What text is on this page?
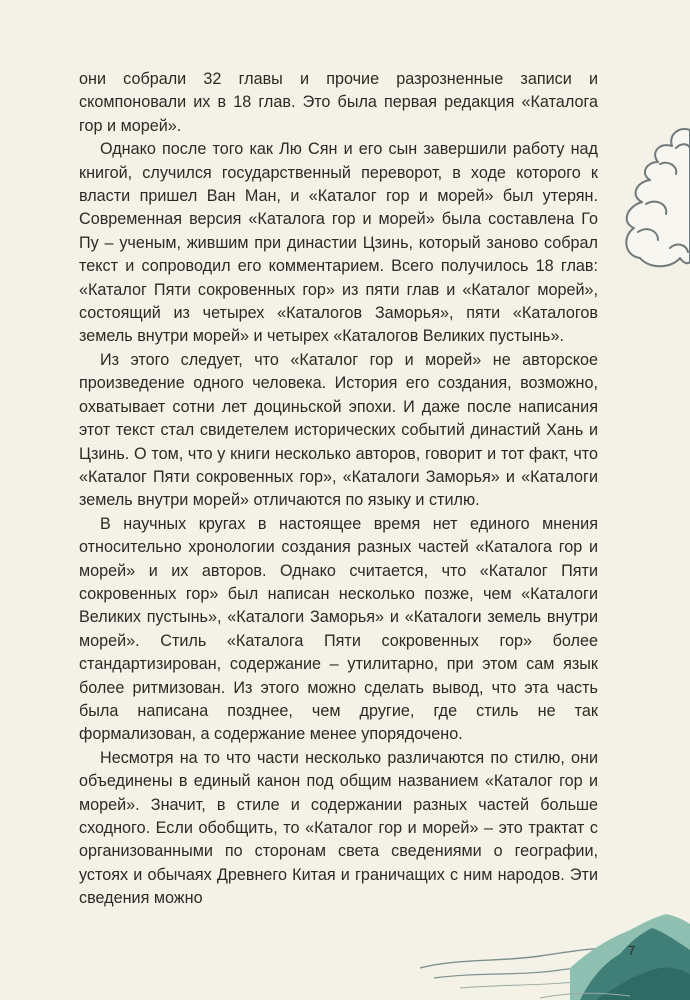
они собрали 32 главы и прочие разрозненные записи и скомпоновали их в 18 глав. Это была первая редакция «Каталога гор и морей».

Однако после того как Лю Сян и его сын завершили работу над книгой, случился государственный переворот, в ходе которого к власти пришел Ван Ман, и «Каталог гор и морей» был утерян. Современная версия «Каталога гор и морей» была составлена Го Пу – ученым, жившим при династии Цзинь, который заново собрал текст и сопроводил его комментарием. Всего получилось 18 глав: «Каталог Пяти сокровенных гор» из пяти глав и «Каталог морей», состоящий из четырех «Каталогов Заморья», пяти «Каталогов земель внутри морей» и четырех «Каталогов Великих пустынь».

Из этого следует, что «Каталог гор и морей» не авторское произведение одного человека. История его создания, возможно, охватывает сотни лет доциньской эпохи. И даже после написания этот текст стал свидетелем исторических событий династий Хань и Цзинь. О том, что у книги несколько авторов, говорит и тот факт, что «Каталог Пяти сокровенных гор», «Каталоги Заморья» и «Каталоги земель внутри морей» отличаются по языку и стилю.

В научных кругах в настоящее время нет единого мнения относительно хронологии создания разных частей «Каталога гор и морей» и их авторов. Однако считается, что «Каталог Пяти сокровенных гор» был написан несколько позже, чем «Каталоги Великих пустынь», «Каталоги Заморья» и «Каталоги земель внутри морей». Стиль «Каталога Пяти сокровенных гор» более стандартизирован, содержание – утилитарно, при этом сам язык более ритмизован. Из этого можно сделать вывод, что эта часть была написана позднее, чем другие, где стиль не так формализован, а содержание менее упорядочено.

Несмотря на то что части несколько различаются по стилю, они объединены в единый канон под общим названием «Каталог гор и морей». Значит, в стиле и содержании разных частей больше сходного. Если обобщить, то «Каталог гор и морей» – это трактат с организованными по сторонам света сведениями о географии, устоях и обычаях Древнего Китая и граничащих с ним народов. Эти сведения можно

7
